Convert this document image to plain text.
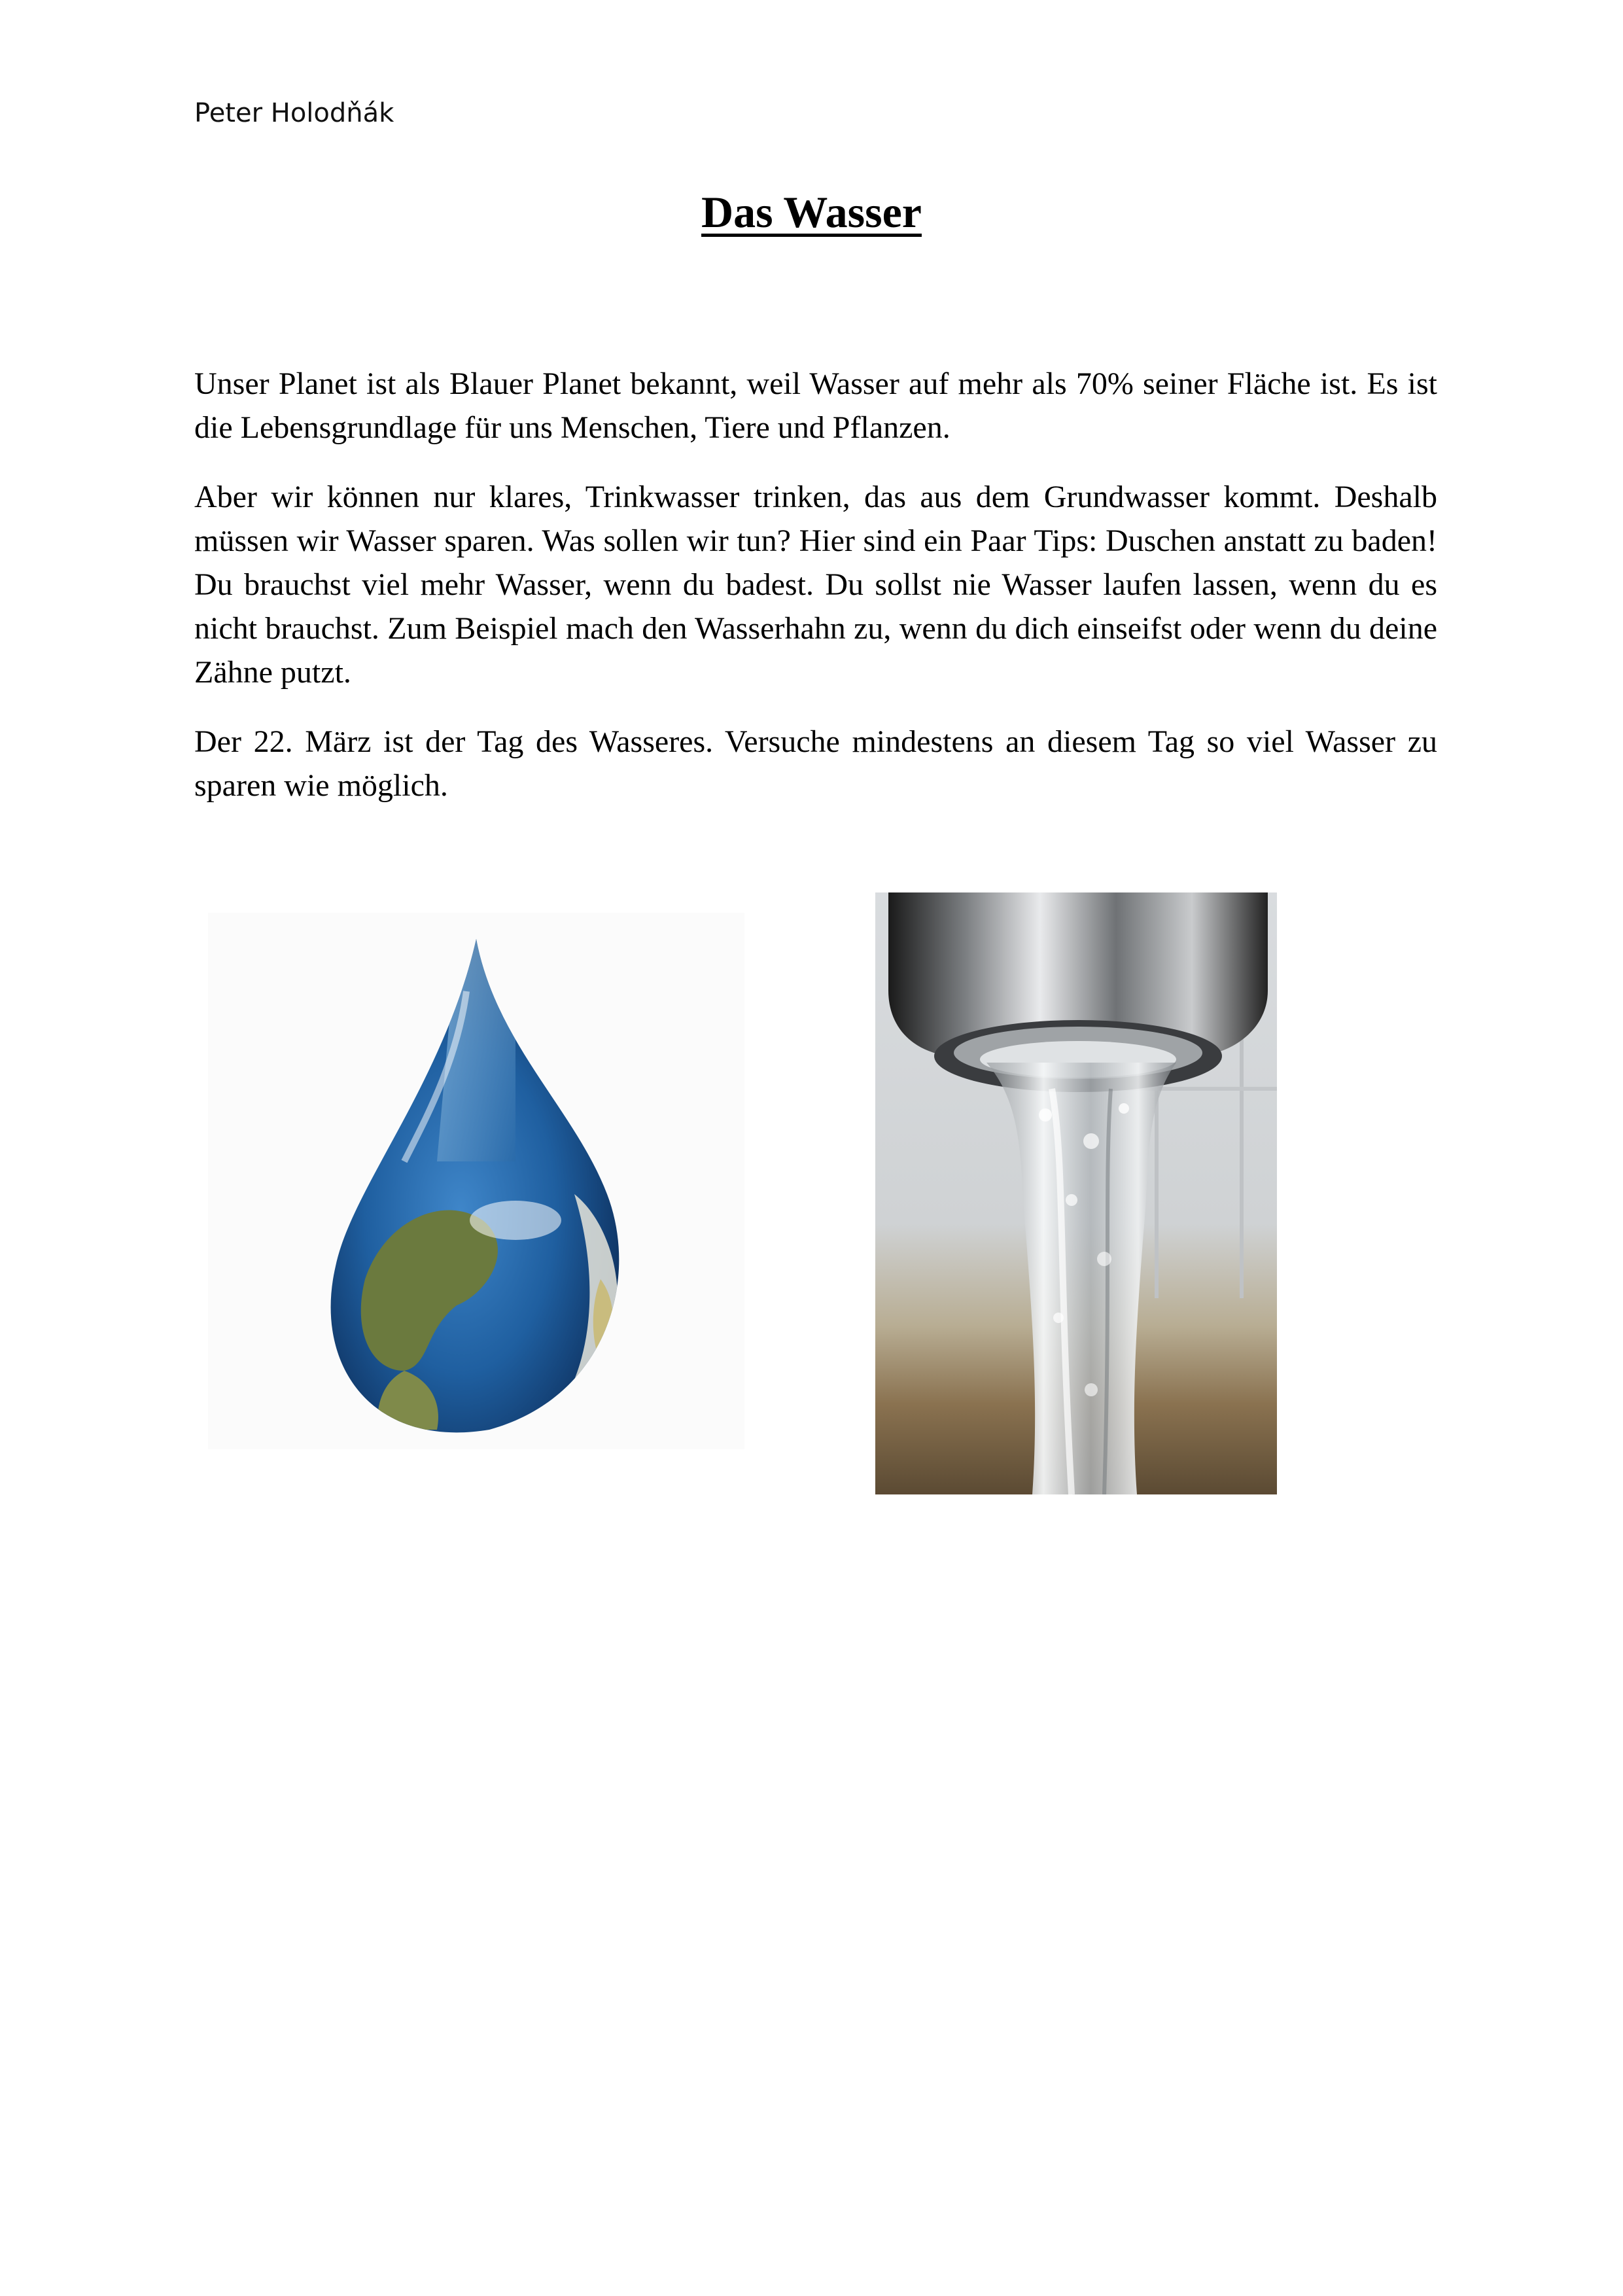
Peter Holodňák

Das Wasser

Unser Planet ist als Blauer Planet bekannt, weil Wasser auf mehr als 70% seiner Fläche ist. Es ist die Lebensgrundlage für uns Menschen, Tiere und Pflanzen.

Aber wir können nur klares, Trinkwasser trinken, das aus dem Grundwasser kommt. Deshalb müssen wir Wasser sparen. Was sollen wir tun? Hier sind ein Paar Tips: Duschen anstatt zu baden! Du brauchst viel mehr Wasser, wenn du badest. Du sollst nie Wasser laufen lassen, wenn du es nicht brauchst. Zum Beispiel mach den Wasserhahn zu, wenn du dich einseifst oder wenn du deine Zähne putzt.

Der 22. März ist der Tag des Wasseres. Versuche mindestens an diesem Tag so viel Wasser zu sparen wie möglich.
